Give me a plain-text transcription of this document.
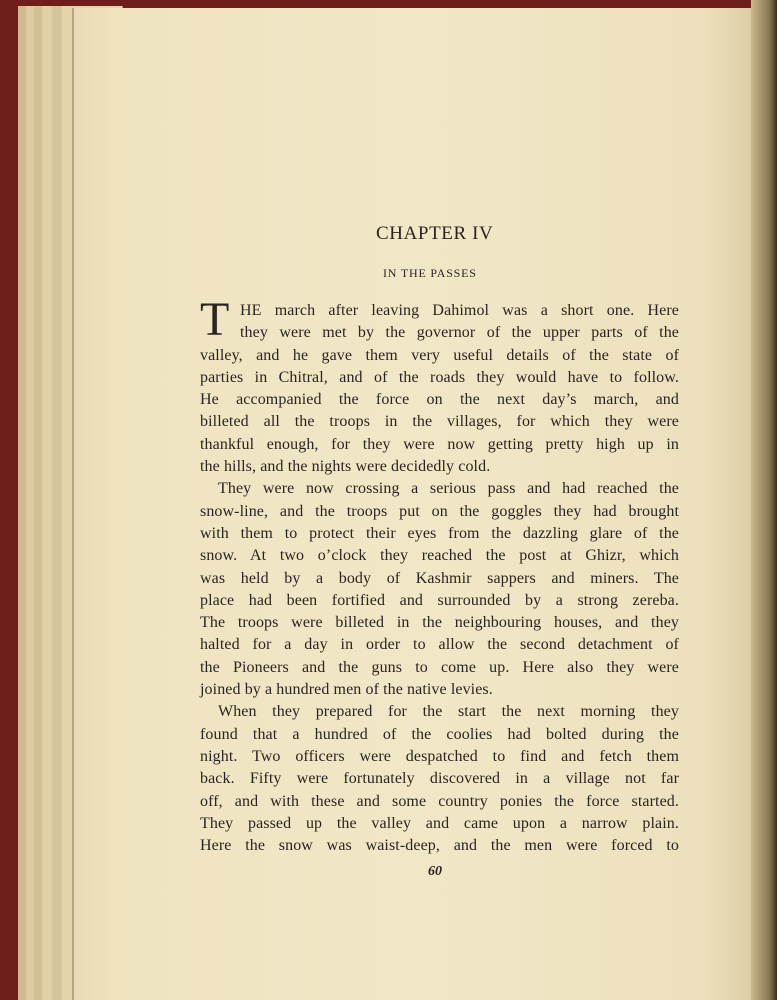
CHAPTER IV
IN THE PASSES
T HE march after leaving Dahimol was a short one. Here
they were met by the governor of the upper parts of the
valley, and he gave them very useful details of the state of
parties in Chitral, and of the roads they would have to follow.
He accompanied the force on the next day’s march, and
billeted all the troops in the villages, for which they were
thankful enough, for they were now getting pretty high up in
the hills, and the nights were decidedly cold.
They were now crossing a serious pass and had reached the
snow-line, and the troops put on the goggles they had brought
with them to protect their eyes from the dazzling glare of the
snow. At two o’clock they reached the post at Ghizr, which
was held by a body of Kashmir sappers and miners. The
place had been fortified and surrounded by a strong zereba.
The troops were billeted in the neighbouring houses, and they
halted for a day in order to allow the second detachment of
the Pioneers and the guns to come up. Here also they were
joined by a hundred men of the native levies.
When they prepared for the start the next morning they
found that a hundred of the coolies had bolted during the
night. Two officers were despatched to find and fetch them
back. Fifty were fortunately discovered in a village not far
off, and with these and some country ponies the force started.
They passed up the valley and came upon a narrow plain.
Here the snow was waist-deep, and the men were forced to
60
